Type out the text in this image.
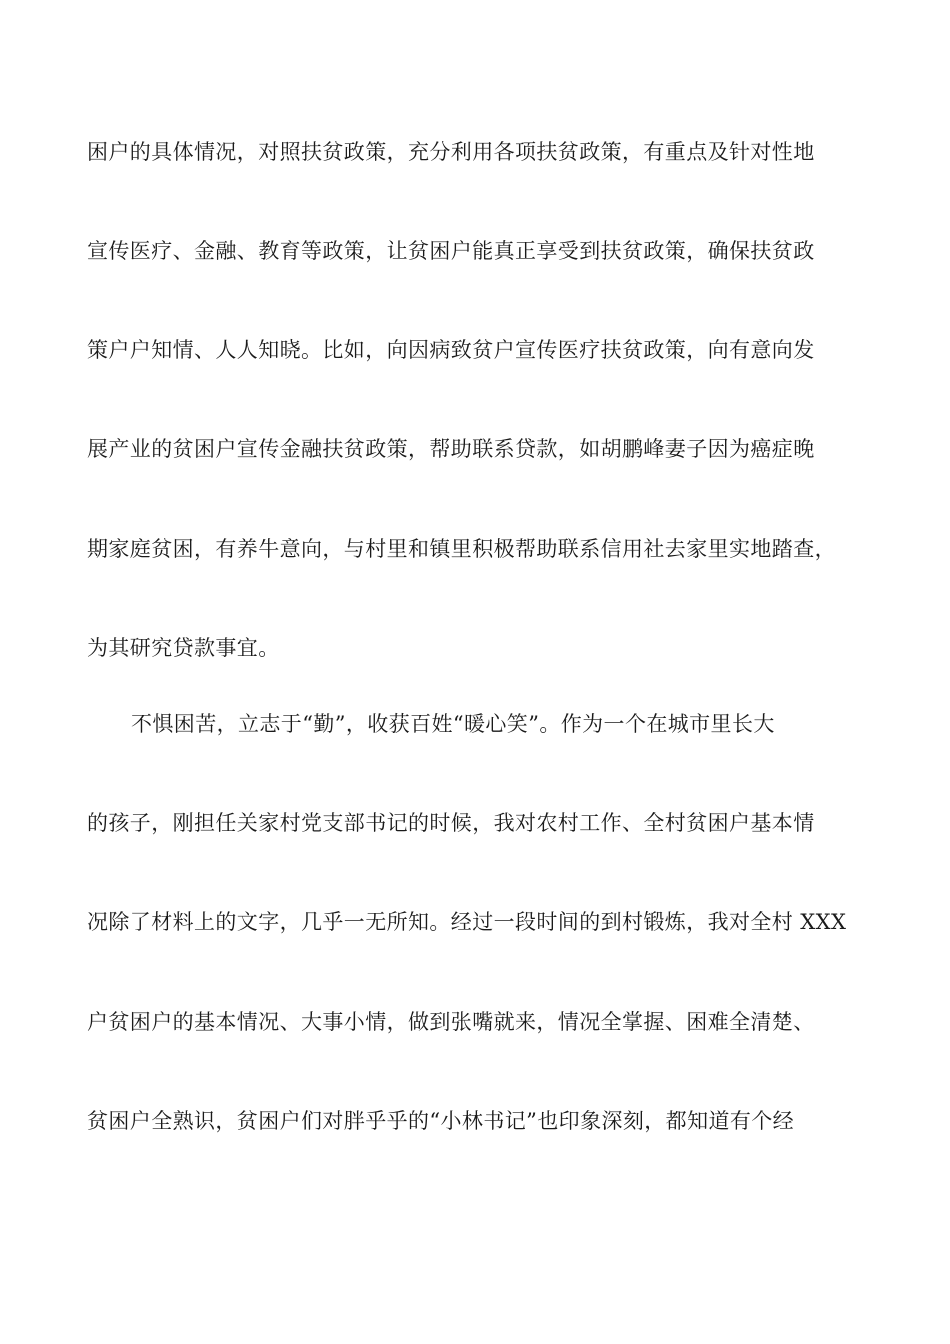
困户的具体情况，对照扶贫政策，充分利用各项扶贫政策，有重点及针对性地

宣传医疗、金融、教育等政策，让贫困户能真正享受到扶贫政策，确保扶贫政

策户户知情、人人知晓。比如，向因病致贫户宣传医疗扶贫政策，向有意向发

展产业的贫困户宣传金融扶贫政策，帮助联系贷款，如胡鹏峰妻子因为癌症晚

期家庭贫困，有养牛意向，与村里和镇里积极帮助联系信用社去家里实地踏查，

为其研究贷款事宜。

不惧困苦，立志于“勤”，收获百姓“暖心笑”。作为一个在城市里长大

的孩子，刚担任关家村党支部书记的时候，我对农村工作、全村贫困户基本情

况除了材料上的文字，几乎一无所知。经过一段时间的到村锻炼，我对全村 XXX

户贫困户的基本情况、大事小情，做到张嘴就来，情况全掌握、困难全清楚、

贫困户全熟识，贫困户们对胖乎乎的“小林书记”也印象深刻，都知道有个经
